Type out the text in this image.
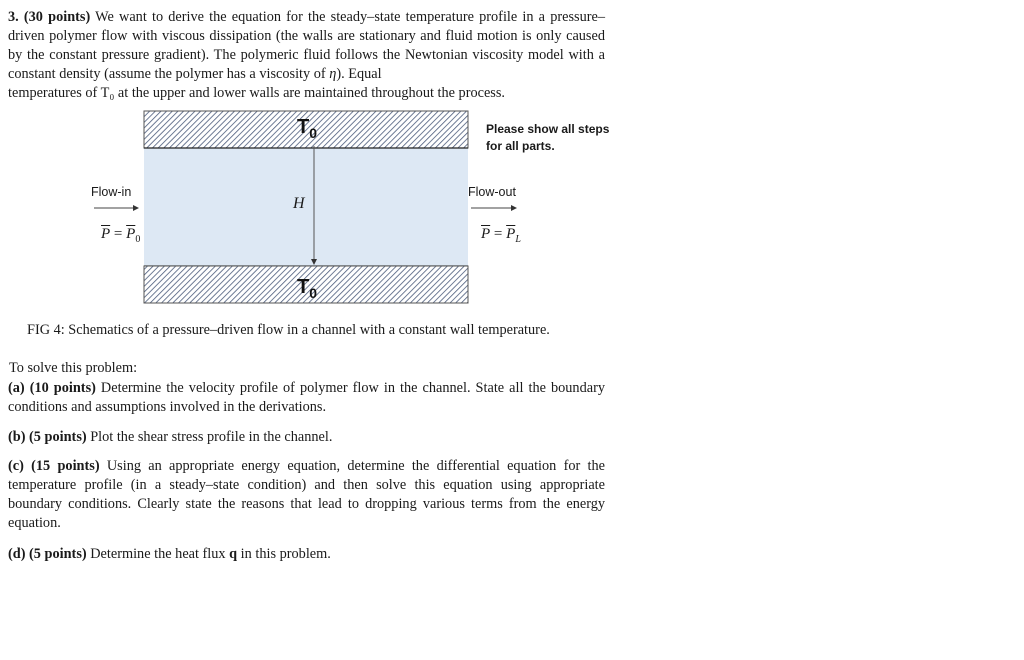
3. (30 points) We want to derive the equation for the steady–state temperature profile in a pressure–driven polymer flow with viscous dissipation (the walls are stationary and fluid motion is only caused by the constant pressure gradient). The polymeric fluid follows the Newtonian viscosity model with a constant density (assume the polymer has a viscosity of η). Equal
temperatures of T₀ at the upper and lower walls are maintained throughout the process.
$T_0$
$T_0$
Please show all steps for all parts.
Flow-in	Flow-out
$\overline{P} = \overline{P}_0$	$\overline{P} = \overline{P}_L$
H
FIG 4: Schematics of a pressure–driven flow in a channel with a constant wall temperature.
To solve this problem:
(a) (10 points) Determine the velocity profile of polymer flow in the channel. State all the boundary conditions and assumptions involved in the derivations.
(b) (5 points) Plot the shear stress profile in the channel.
(c) (15 points) Using an appropriate energy equation, determine the differential equation for the temperature profile (in a steady–state condition) and then solve this equation using appropriate boundary conditions. Clearly state the reasons that lead to dropping various terms from the energy equation.
(d) (5 points) Determine the heat flux q in this problem.
